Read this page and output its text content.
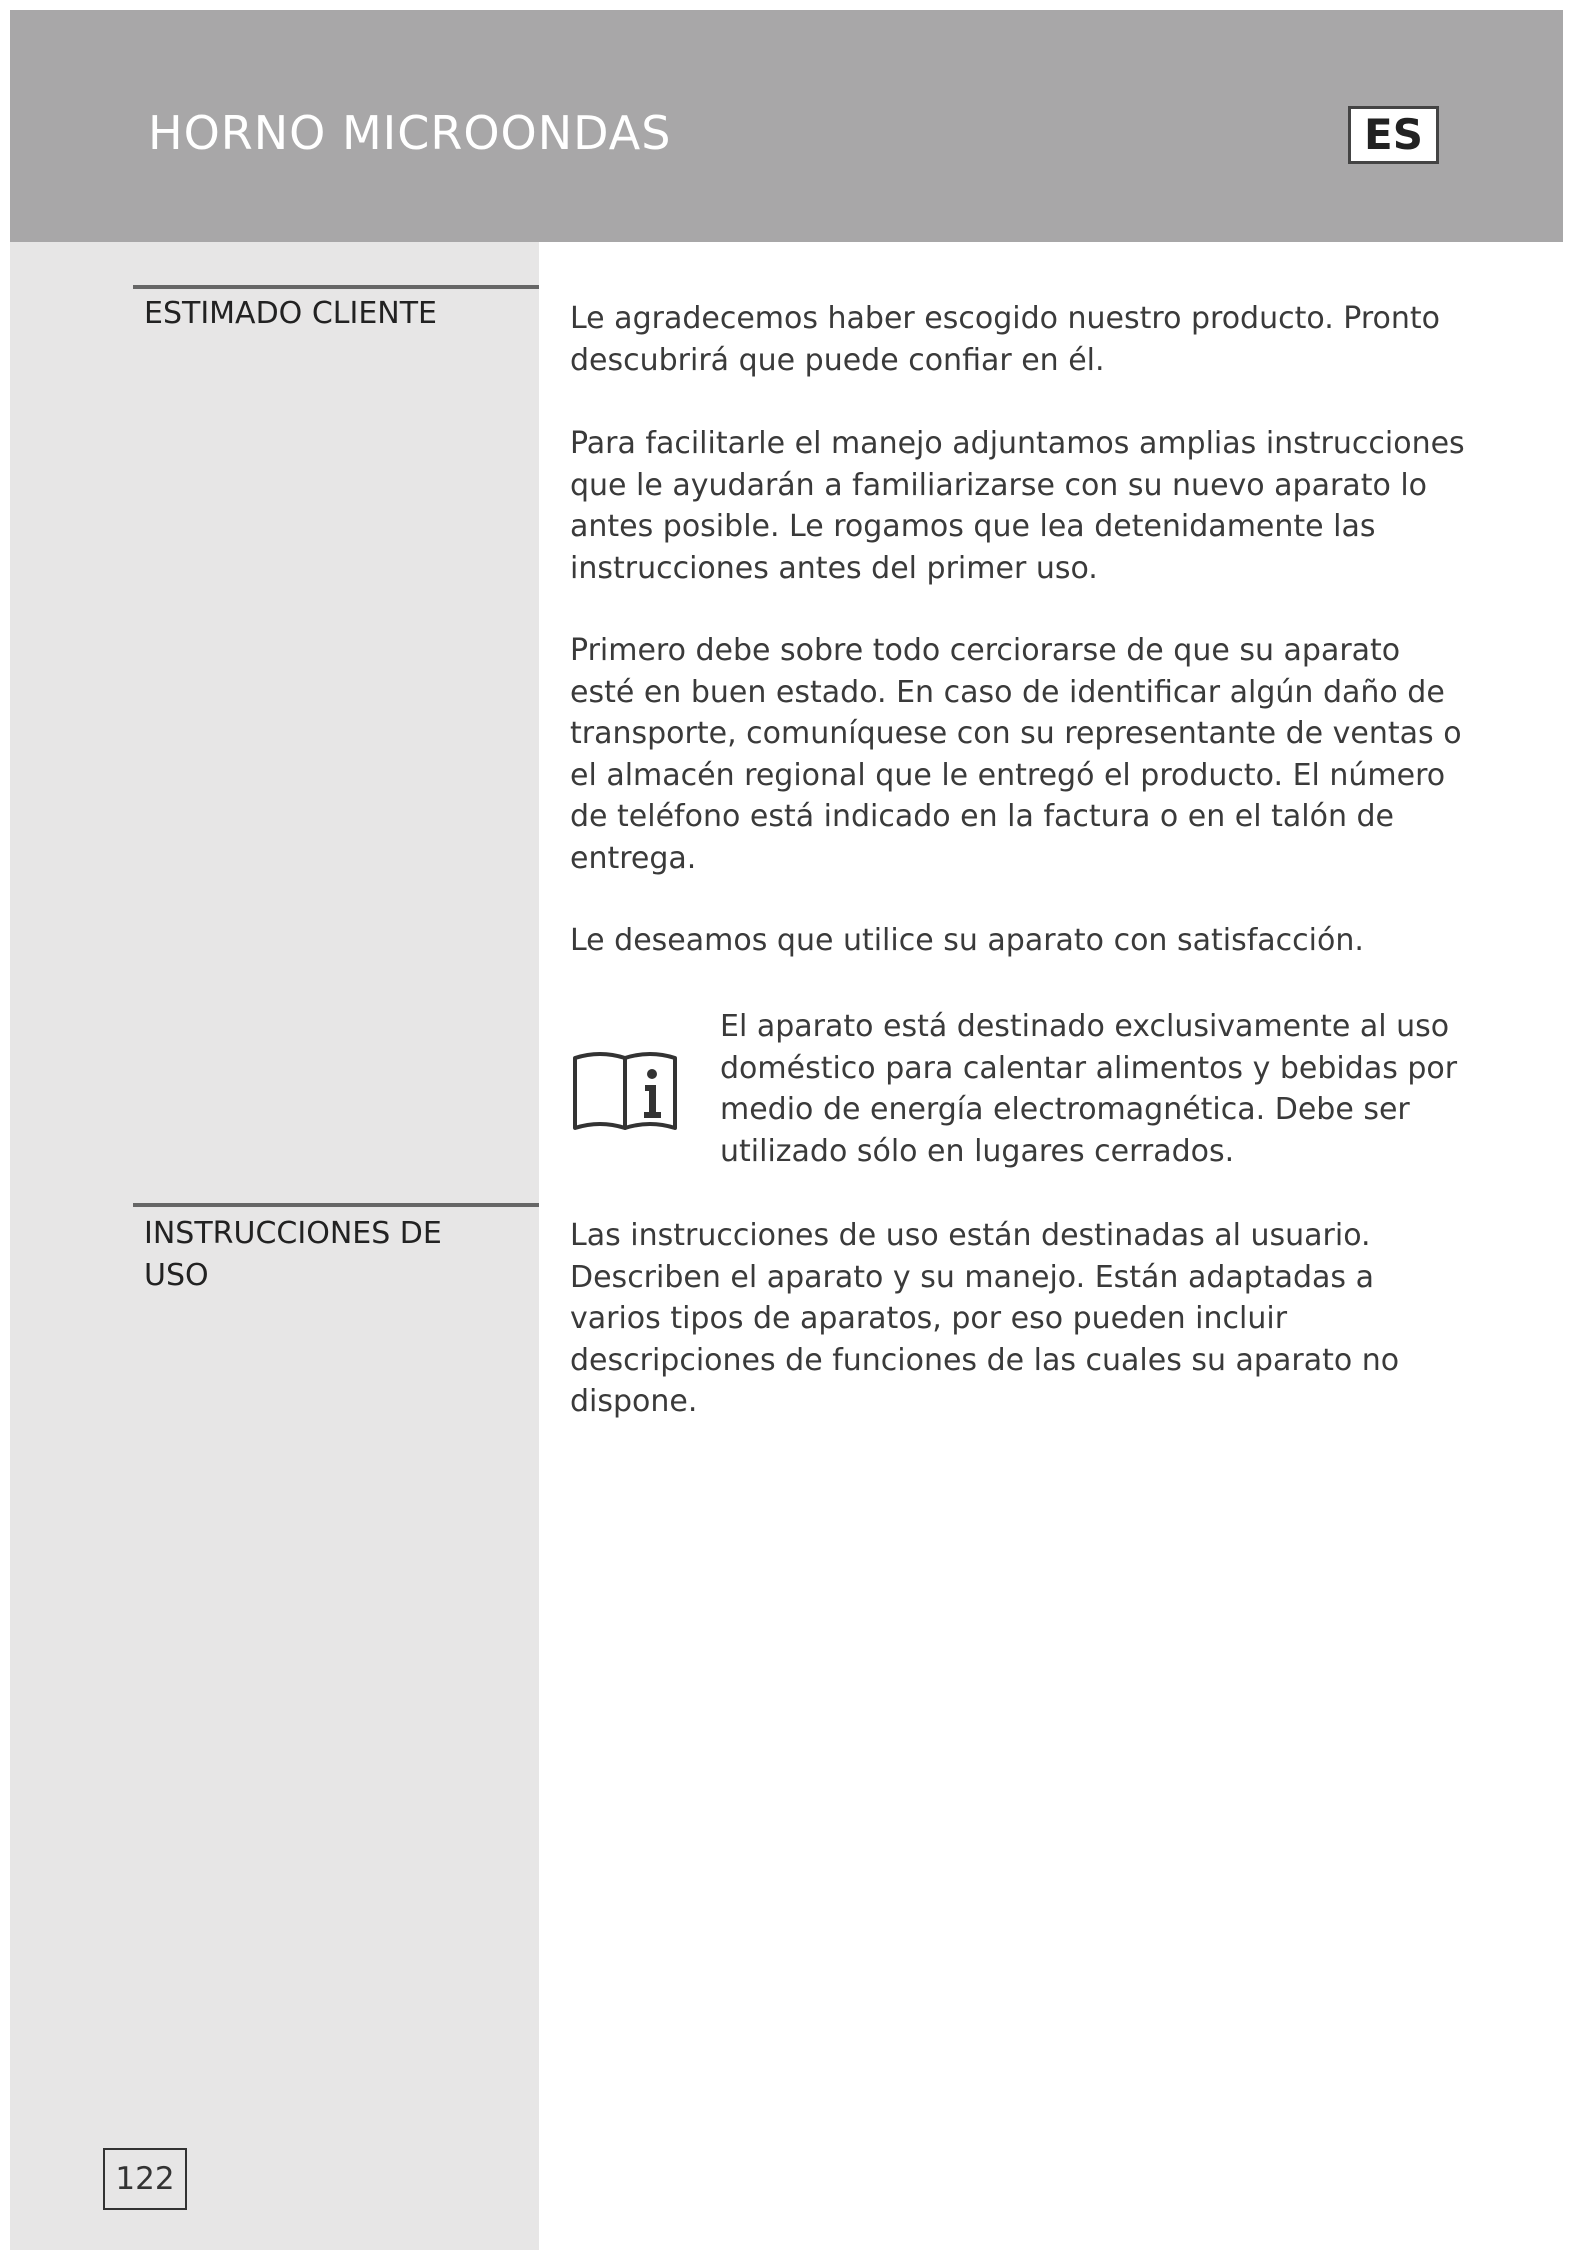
HORNO MICROONDAS	ES
ESTIMADO CLIENTE	Le agradecemos haber escogido nuestro producto. Pronto descubrirá que puede confiar en él.

Para facilitarle el manejo adjuntamos amplias instrucciones que le ayudarán a familiarizarse con su nuevo aparato lo antes posible. Le rogamos que lea detenidamente las instrucciones antes del primer uso.

Primero debe sobre todo cerciorarse de que su aparato esté en buen estado. En caso de identificar algún daño de transporte, comuníquese con su representante de ventas o el almacén regional que le entregó el producto. El número de teléfono está indicado en la factura o en el talón de entrega.

Le deseamos que utilice su aparato con satisfacción.

El aparato está destinado exclusivamente al uso doméstico para calentar alimentos y bebidas por medio de energía electromagnética. Debe ser utilizado sólo en lugares cerrados.

INSTRUCCIONES DE USO

Las instrucciones de uso están destinadas al usuario. Describen el aparato y su manejo. Están adaptadas a varios tipos de aparatos, por eso pueden incluir descripciones de funciones de las cuales su aparato no dispone.

122
